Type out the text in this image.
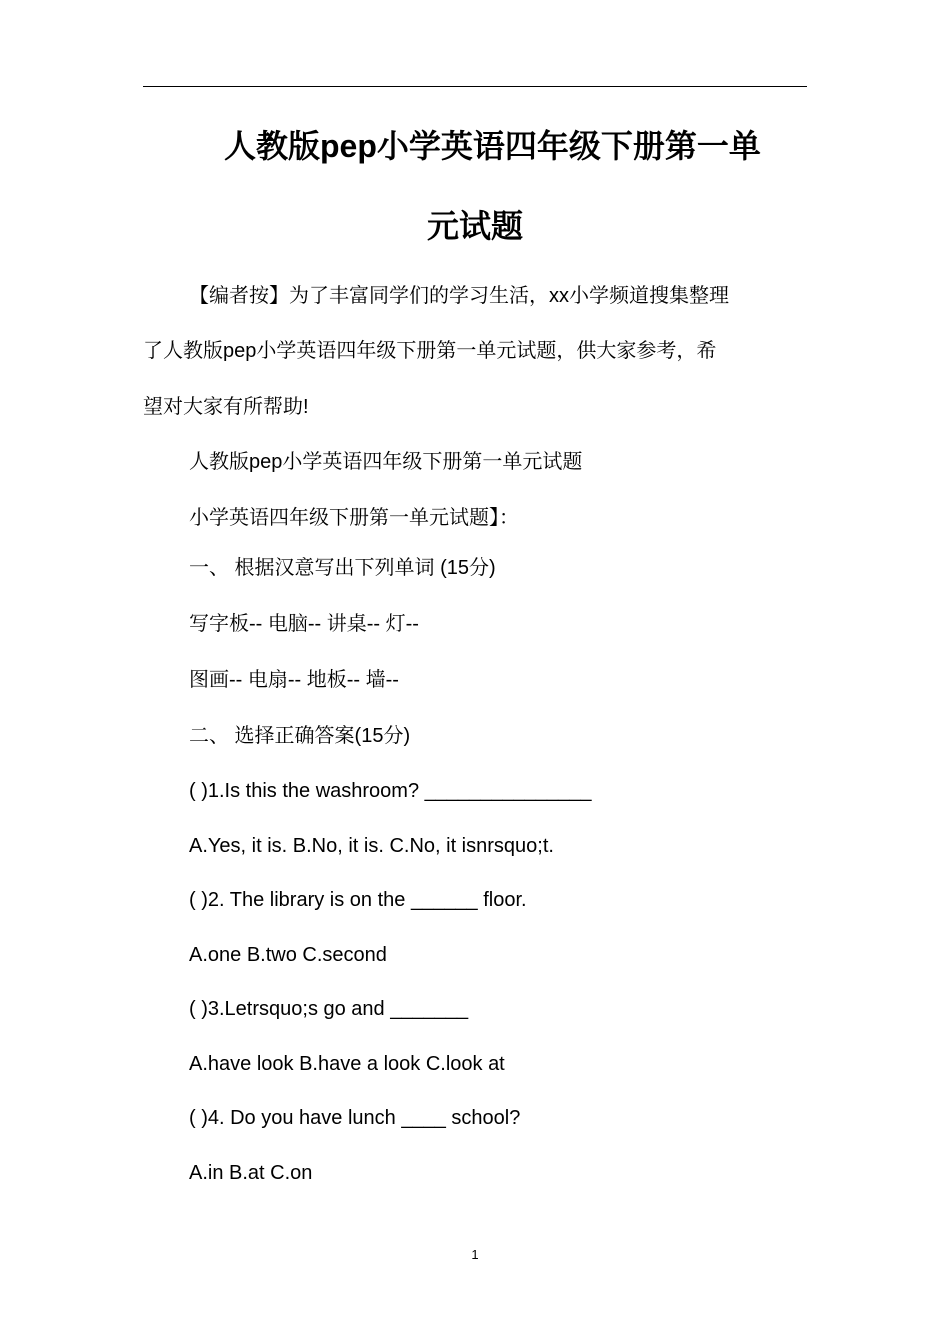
人教版pep小学英语四年级下册第一单
元试题
【编者按】为了丰富同学们的学习生活，xx小学频道搜集整理
了人教版pep小学英语四年级下册第一单元试题，供大家参考，希
望对大家有所帮助!
人教版pep小学英语四年级下册第一单元试题
小学英语四年级下册第一单元试题】：
一、 根据汉意写出下列单词 (15分)
写字板-- 电脑-- 讲桌-- 灯--
图画-- 电扇-- 地板-- 墙--
二、 选择正确答案(15分)
( )1.Is this the washroom? _______________
A.Yes, it is. B.No, it is. C.No, it isnrsquo;t.
( )2. The library is on the ______ floor.
A.one B.two C.second
( )3.Letrsquo;s go and _______
A.have look B.have a look C.look at
( )4. Do you have lunch ____ school?
A.in B.at C.on
1
